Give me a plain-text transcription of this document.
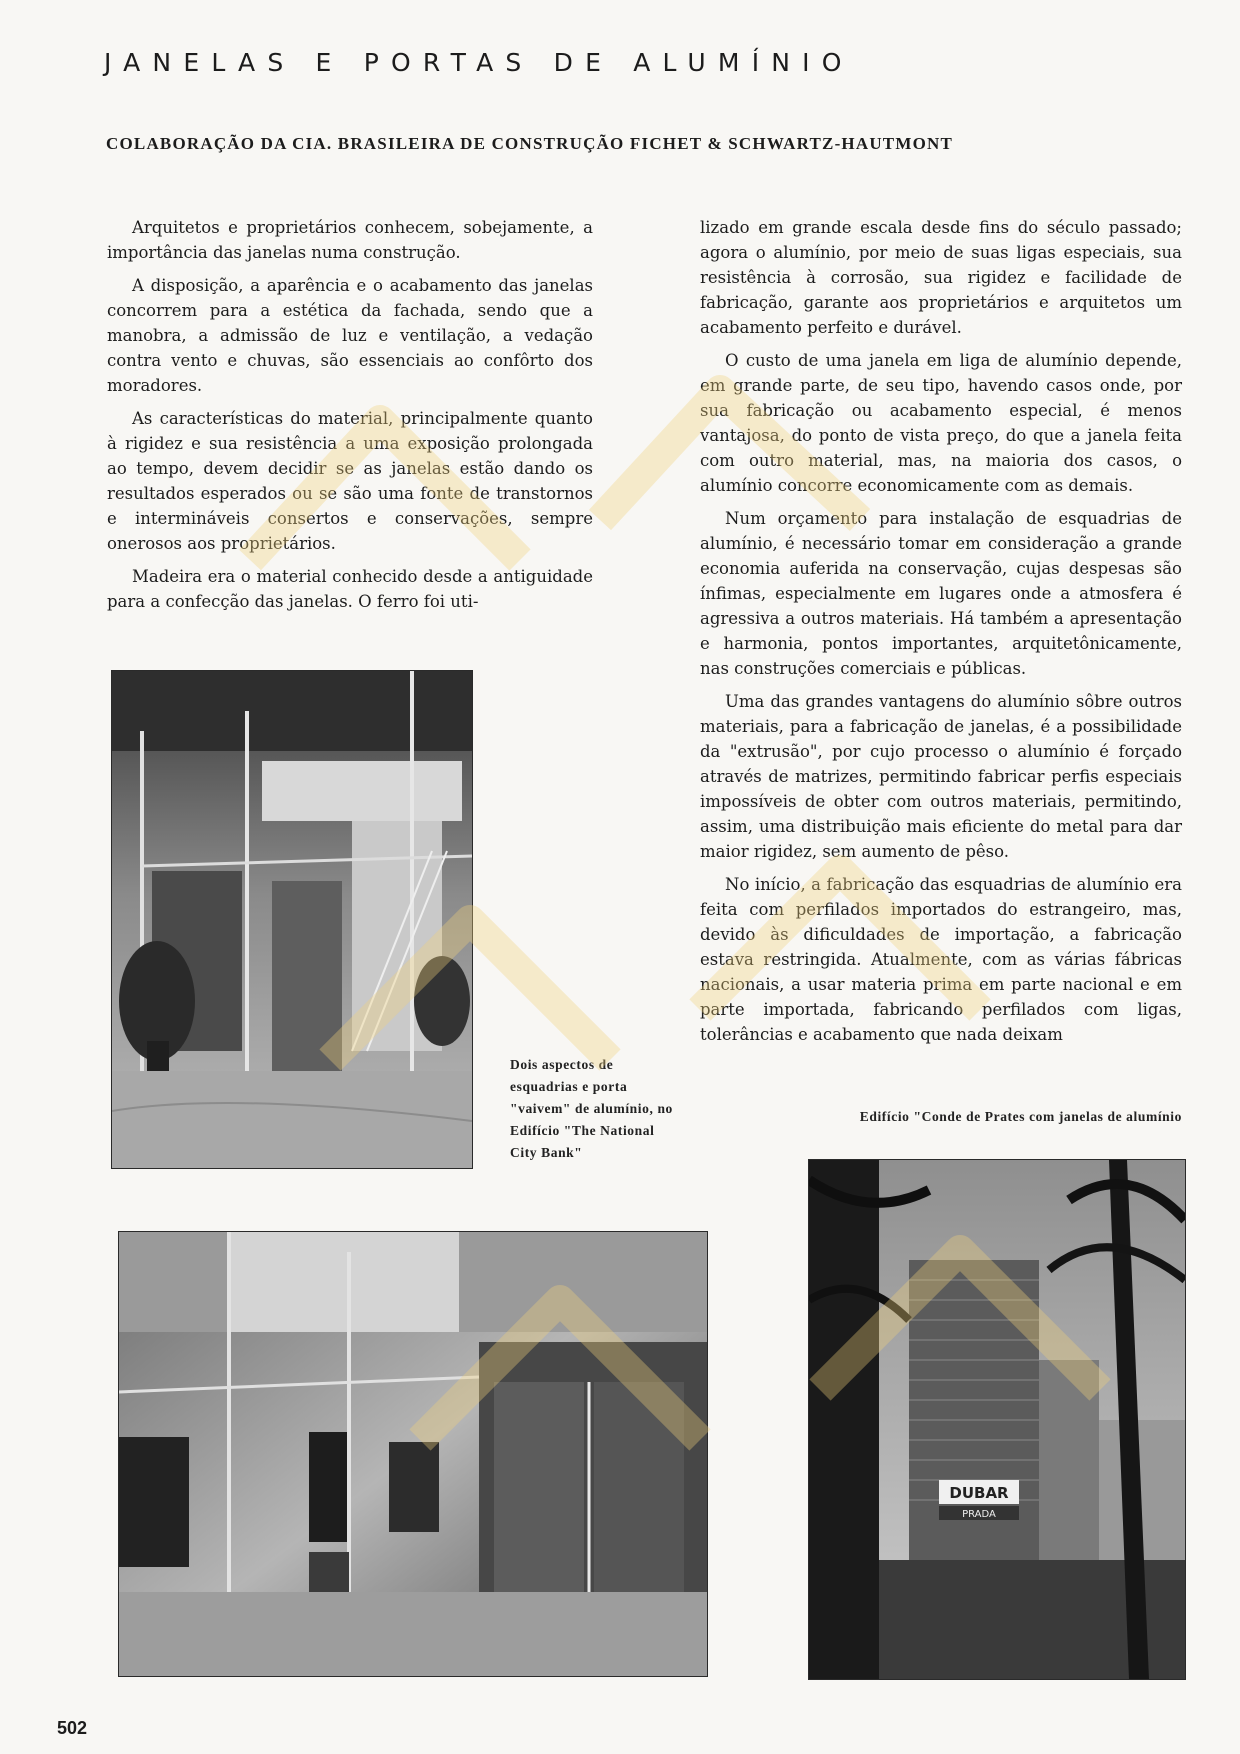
JANELAS E PORTAS DE ALUMÍNIO
COLABORAÇÃO DA CIA. BRASILEIRA DE CONSTRUÇÃO FICHET & SCHWARTZ-HAUTMONT

Arquitetos e proprietários conhecem, sobejamente, a importância das janelas numa construção.

A disposição, a aparência e o acabamento das janelas concorrem para a estética da fachada, sendo que a manobra, a admissão de luz e ventilação, a vedação contra vento e chuvas, são essenciais ao confôrto dos moradores.

As características do material, principalmente quanto à rigidez e sua resistência a uma exposição prolongada ao tempo, devem decidir se as janelas estão dando os resultados esperados ou se são uma fonte de transtornos e intermináveis consertos e conservações, sempre onerosos aos proprietários.

Madeira era o material conhecido desde a antiguidade para a confecção das janelas. O ferro foi uti-

lizado em grande escala desde fins do século passado; agora o alumínio, por meio de suas ligas especiais, sua resistência à corrosão, sua rigidez e facilidade de fabricação, garante aos proprietários e arquitetos um acabamento perfeito e durável.

O custo de uma janela em liga de alumínio depende, em grande parte, de seu tipo, havendo casos onde, por sua fabricação ou acabamento especial, é menos vantajosa, do ponto de vista preço, do que a janela feita com outro material, mas, na maioria dos casos, o alumínio concorre economicamente com as demais.

Num orçamento para instalação de esquadrias de alumínio, é necessário tomar em consideração a grande economia auferida na conservação, cujas despesas são ínfimas, especialmente em lugares onde a atmosfera é agressiva a outros materiais. Há também a apresentação e harmonia, pontos importantes, arquitetônicamente, nas construções comerciais e públicas.

Uma das grandes vantagens do alumínio sôbre outros materiais, para a fabricação de janelas, é a possibilidade da "extrusão", por cujo processo o alumínio é forçado através de matrizes, permitindo fabricar perfis especiais impossíveis de obter com outros materiais, permitindo, assim, uma distribuição mais eficiente do metal para dar maior rigidez, sem aumento de pêso.

No início, a fabricação das esquadrias de alumínio era feita com perfilados importados do estrangeiro, mas, devido às dificuldades de importação, a fabricação estava restringida. Atualmente, com as várias fábricas nacionais, a usar materia prima em parte nacional e em parte importada, fabricando perfilados com ligas, tolerâncias e acabamento que nada deixam

Dois aspectos de esquadrias e porta "vaivem" de alumínio, no Edifício "The National City Bank"
Edifício "Conde de Prates com janelas de alumínio
DUBAR
PRADA
502
